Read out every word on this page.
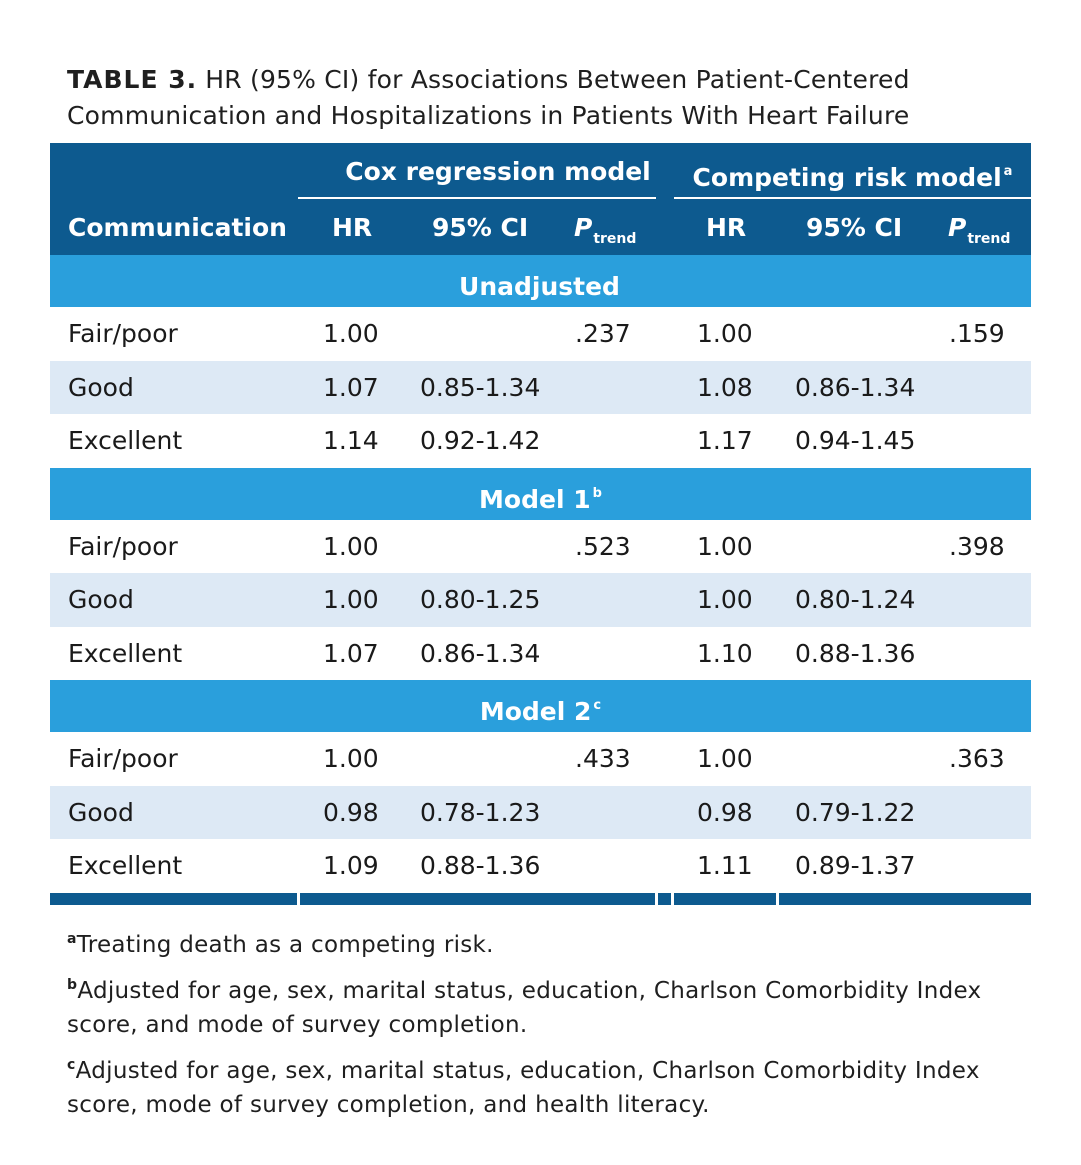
TABLE 3. HR (95% CI) for Associations Between Patient-Centered Communication and Hospitalizations in Patients With Heart Failure
Cox regression model	Competing risk model $^a$
Communication HR 95% CI $P_{trend}$	HR 95% CI $P_{trend}$
Unadjusted
Fair/poor	1.00	.237	1.00	.159
Good	1.07 0.85-1.34	1.08 0.86-1.34
Excellent	1.14 0.92-1.42	1.17 0.94-1.45
Model 1 $^b$
Fair/poor	1.00	.523	1.00	.398
Good	1.00 0.80-1.25	1.00 0.80-1.24
Excellent	1.07 0.86-1.34	1.10 0.88-1.36
Model 2 $^c$
Fair/poor	1.00	.433	1.00	.363
Good	0.98 0.78-1.23	0.98 0.79-1.22
Excellent	1.09 0.88-1.36	1.11 0.89-1.37
$^a$Treating death as a competing risk.
$^b$Adjusted for age, sex, marital status, education, Charlson Comorbidity Index score, and mode of survey completion.
$^c$Adjusted for age, sex, marital status, education, Charlson Comorbidity Index score, mode of survey completion, and health literacy.
